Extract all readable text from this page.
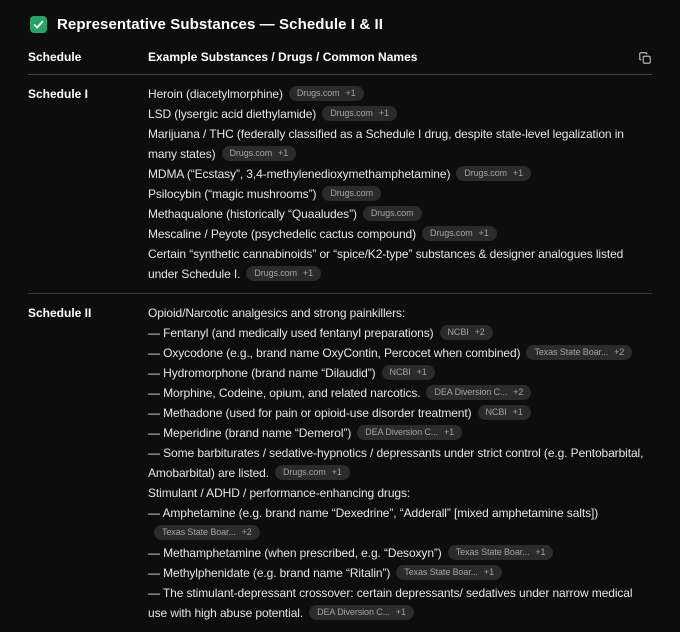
Representative Substances — Schedule I & II
Schedule	Example Substances / Drugs / Common Names
Schedule I	Heroin (diacetylmorphine) Drugs.com +1
LSD (lysergic acid diethylamide) Drugs.com +1
Marijuana / THC (federally classified as a Schedule I drug, despite state-level legalization in many states) Drugs.com +1
MDMA (“Ecstasy”, 3,4-methylenedioxymethamphetamine) Drugs.com +1
Psilocybin (“magic mushrooms”) Drugs.com
Methaqualone (historically “Quaaludes”) Drugs.com
Mescaline / Peyote (psychedelic cactus compound) Drugs.com +1
Certain “synthetic cannabinoids” or “spice/K2-type” substances & designer analogues listed under Schedule I. Drugs.com +1
Schedule II	Opioid/Narcotic analgesics and strong painkillers:
— Fentanyl (and medically used fentanyl preparations) NCBI +2
— Oxycodone (e.g., brand name OxyContin, Percocet when combined) Texas State Boar... +2
— Hydromorphone (brand name “Dilaudid”) NCBI +1
— Morphine, Codeine, opium, and related narcotics. DEA Diversion C... +2
— Methadone (used for pain or opioid-use disorder treatment) NCBI +1
— Meperidine (brand name “Demerol”) DEA Diversion C... +1
— Some barbiturates / sedative-hypnotics / depressants under strict control (e.g. Pentobarbital, Amobarbital) are listed. Drugs.com +1
Stimulant / ADHD / performance-enhancing drugs:
— Amphetamine (e.g. brand name “Dexedrine”, “Adderall” [mixed amphetamine salts])
Texas State Boar... +2
— Methamphetamine (when prescribed, e.g. “Desoxyn”) Texas State Boar... +1
— Methylphenidate (e.g. brand name “Ritalin”) Texas State Boar... +1
— The stimulant-depressant crossover: certain depressants/ sedatives under narrow medical use with high abuse potential. DEA Diversion C... +1
